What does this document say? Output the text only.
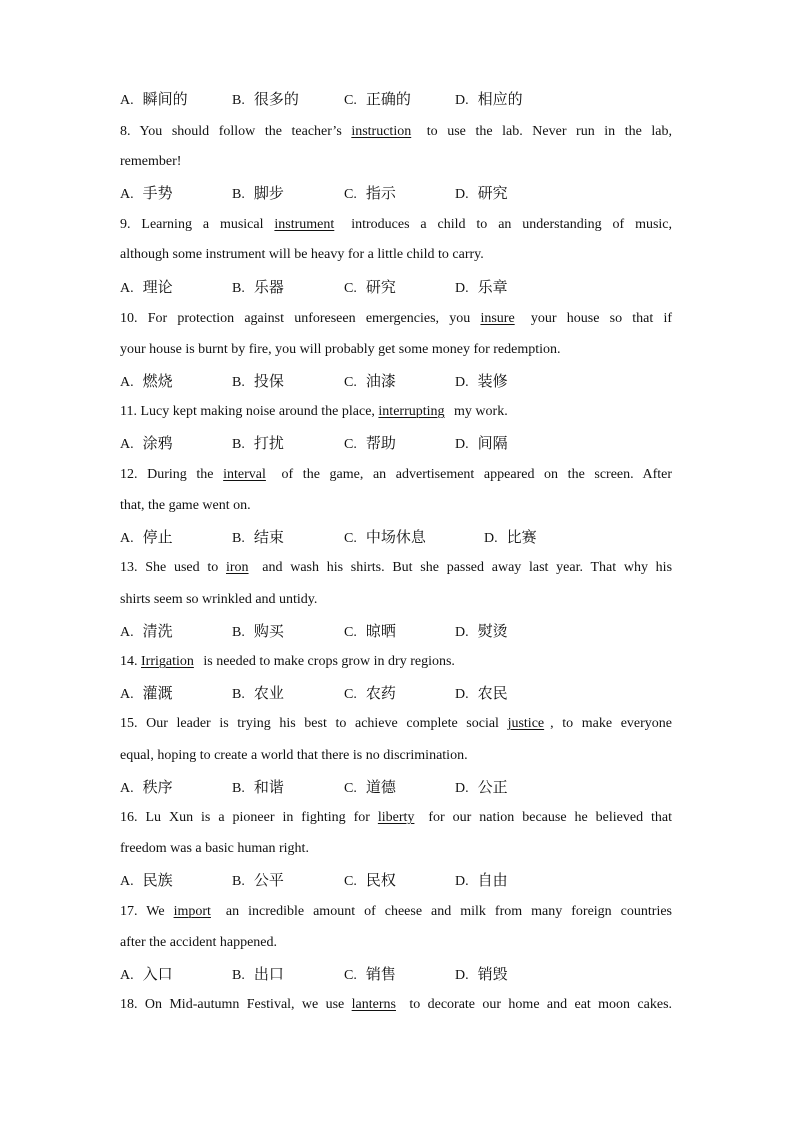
A. 瞬间的	B. 很多的	C. 正确的	D. 相应的
8. You should follow the teacher’s instruction to use the lab. Never run in the lab,
remember!
A. 手势	B. 脚步	C. 指示	D. 研究
9. Learning a musical instrument introduces a child to an understanding of music,
although some instrument will be heavy for a little child to carry.
A. 理论	B. 乐器	C. 研究	D. 乐章
10. For protection against unforeseen emergencies, you insure your house so that if
your house is burnt by fire, you will probably get some money for redemption.
A. 燃烧	B. 投保	C. 油漆	D. 装修
11. Lucy kept making noise around the place, interrupting my work.
A. 涂鸦	B. 打扰	C. 帮助	D. 间隔
12. During the interval of the game, an advertisement appeared on the screen. After
that, the game went on.
A. 停止	B. 结束	C. 中场休息	D. 比赛
13. She used to iron and wash his shirts. But she passed away last year. That why his
shirts seem so wrinkled and untidy.
A. 清洗	B. 购买	C. 晾晒	D. 熨烫
14. Irrigation is needed to make crops grow in dry regions.
A. 灌溉	B. 农业	C. 农药	D. 农民
15. Our leader is trying his best to achieve complete social justice , to make everyone
equal, hoping to create a world that there is no discrimination.
A. 秩序	B. 和谐	C. 道德	D. 公正
16. Lu Xun is a pioneer in fighting for liberty for our nation because he believed that
freedom was a basic human right.
A. 民族	B. 公平	C. 民权	D. 自由
17. We import an incredible amount of cheese and milk from many foreign countries
after the accident happened.
A. 入口	B. 出口	C. 销售	D. 销毁
18. On Mid-autumn Festival, we use lanterns to decorate our home and eat moon cakes.
